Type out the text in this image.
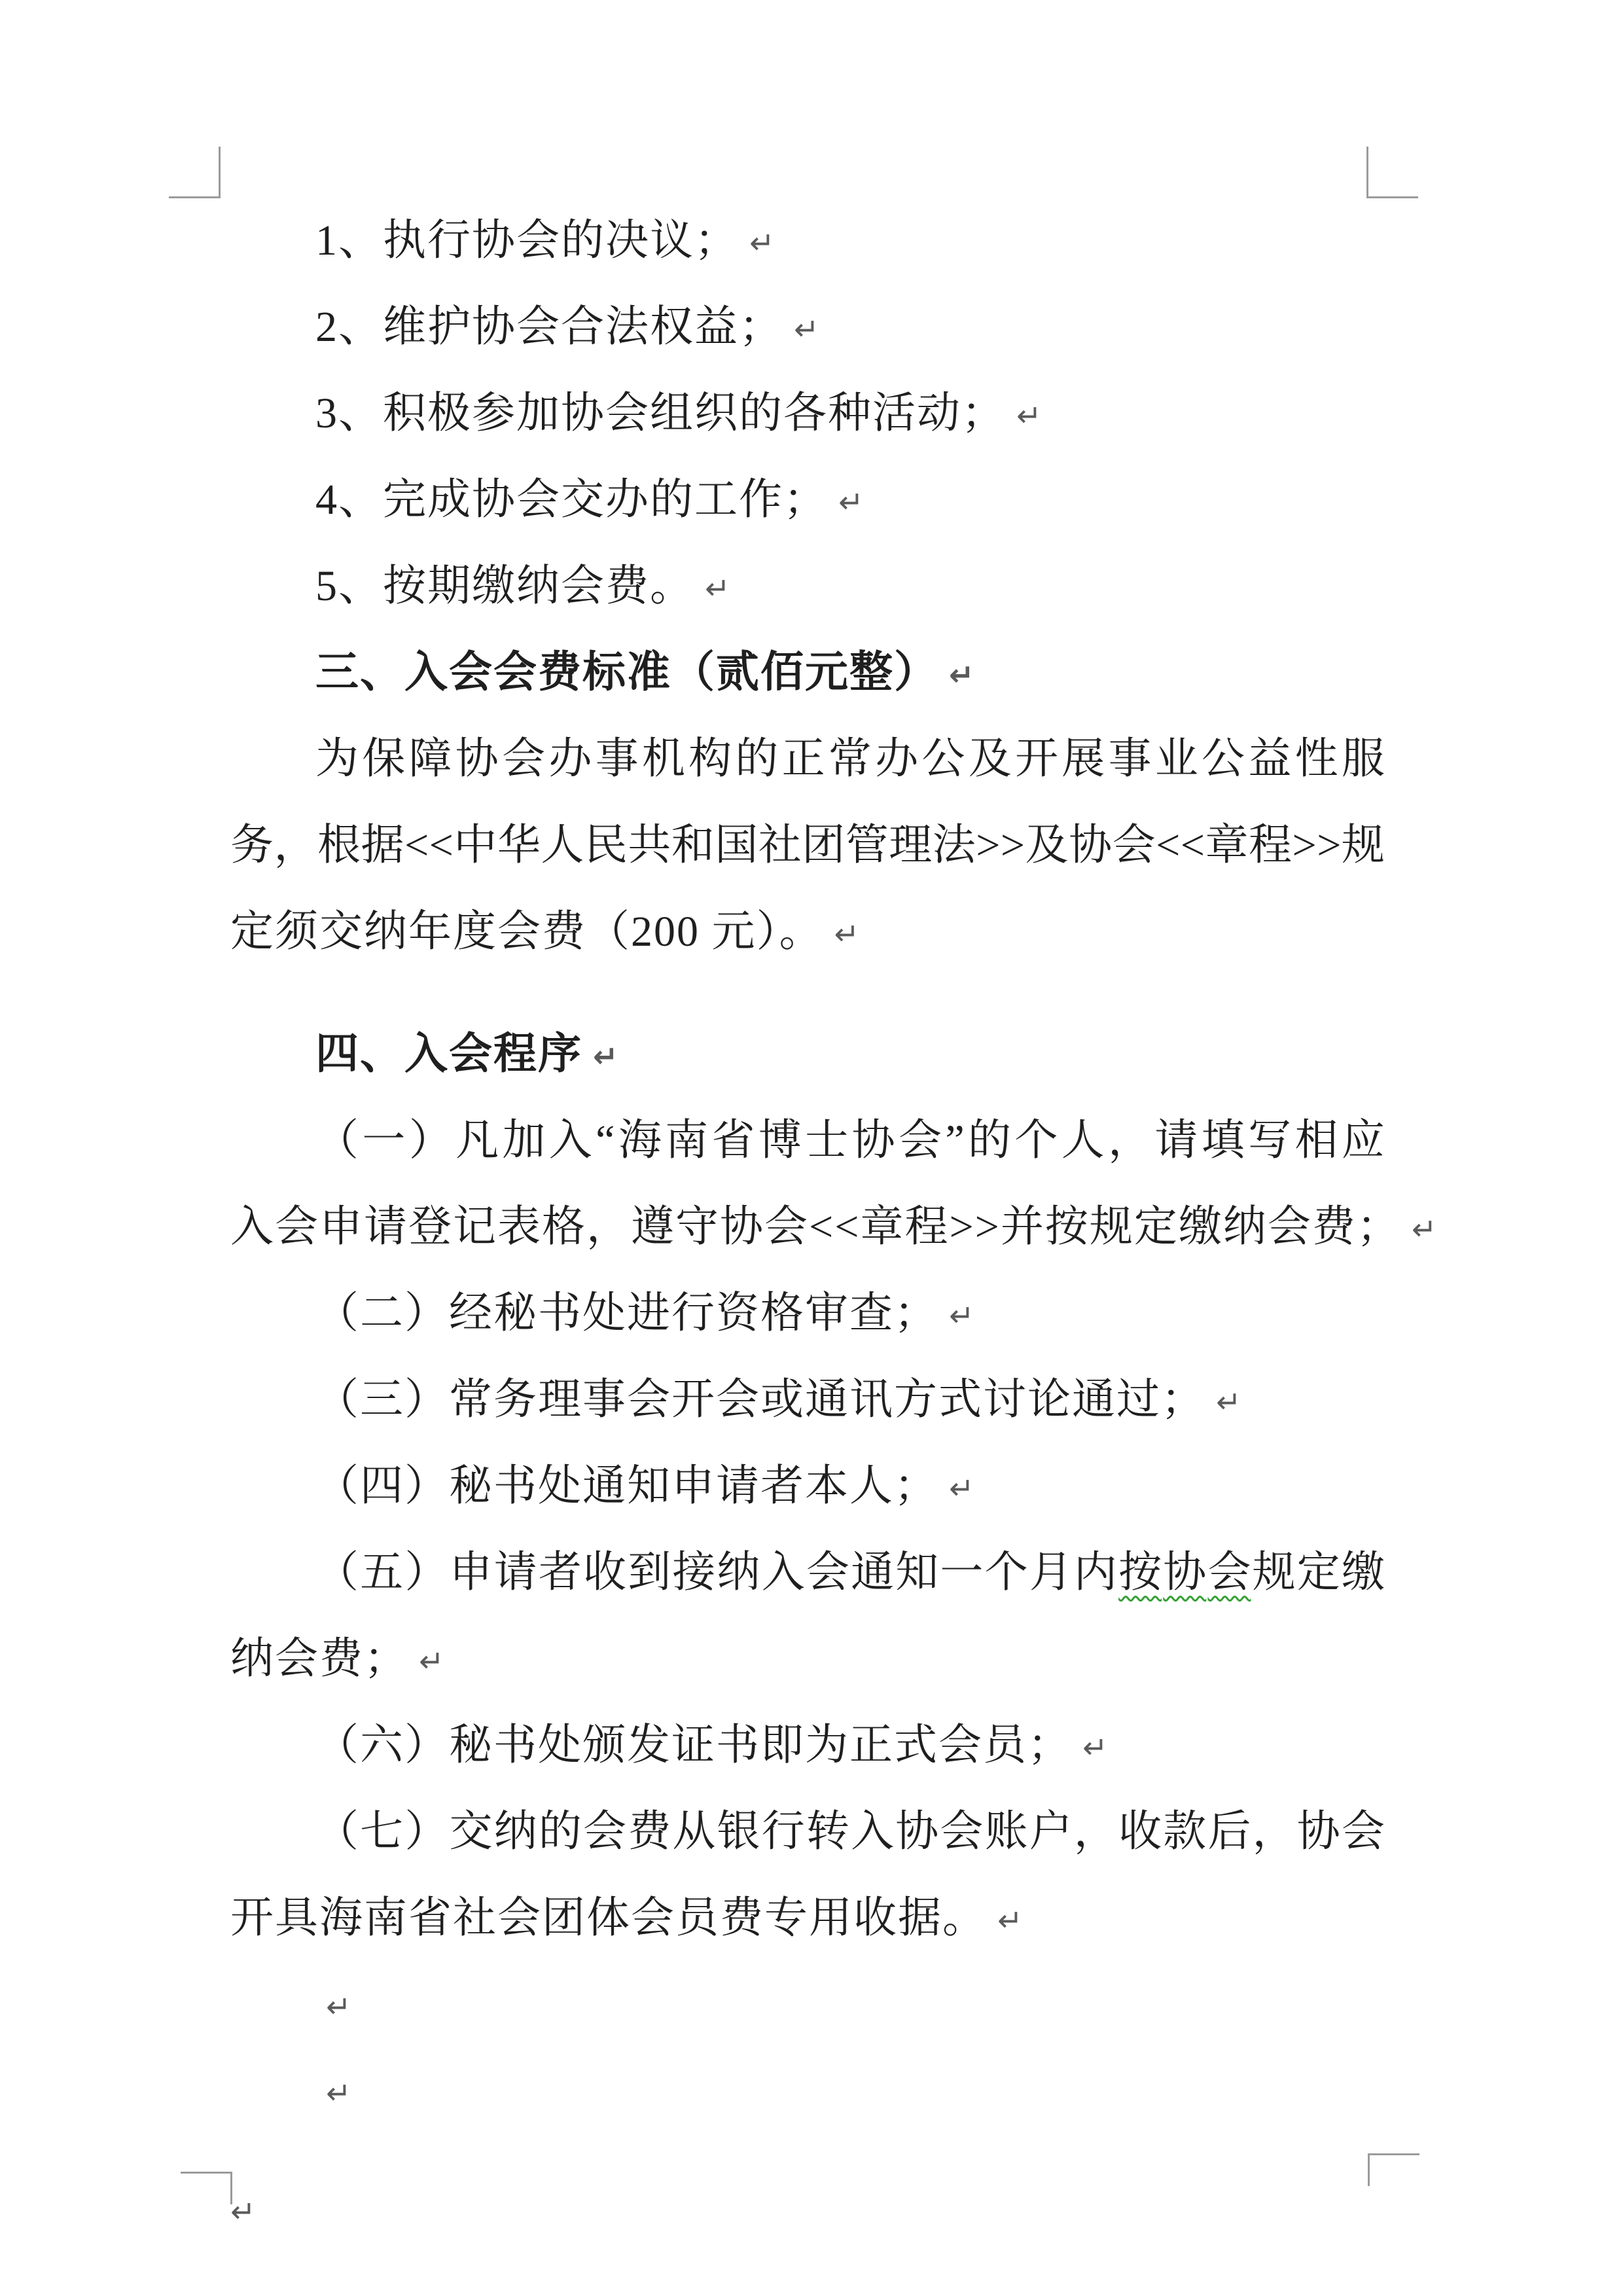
1、执行协会的决议； ↵
2、维护协会合法权益； ↵
3、积极参加协会组织的各种活动； ↵
4、完成协会交办的工作； ↵
5、按期缴纳会费。 ↵
三、入会会费标准（贰佰元整） ↵
为 保 障 协 会 办 事 机 构 的 正 常 办 公 及 开 展 事 业 公 益 性 服
务 ， 根 据 < < 中 华 人 民 共 和 国 社 团 管 理 法 > > 及 协 会 < < 章 程 > > 规
定须交纳年度会费（200 元）。 ↵
四、入会程序 ↵
（ 一 ） 凡 加 入 “ 海 南 省 博 士 协 会 ” 的 个 人 ， 请 填 写 相 应
入会申请登记表格，遵守协会<<章程>>并按规定缴纳会费； ↵
（二）经秘书处进行资格审查； ↵
（三）常务理事会开会或通讯方式讨论通过； ↵
（四）秘书处通知申请者本人； ↵
（ 五 ） 申 请 者 收 到 接 纳 入 会 通 知 一 个 月 内 按 协 会 规 定 缴
纳会费； ↵
（六）秘书处颁发证书即为正式会员； ↵
（ 七 ） 交 纳 的 会 费 从 银 行 转 入 协 会 账 户 ， 收 款 后 ， 协 会
开具海南省社会团体会员费专用收据。 ↵
↵
↵
↵
